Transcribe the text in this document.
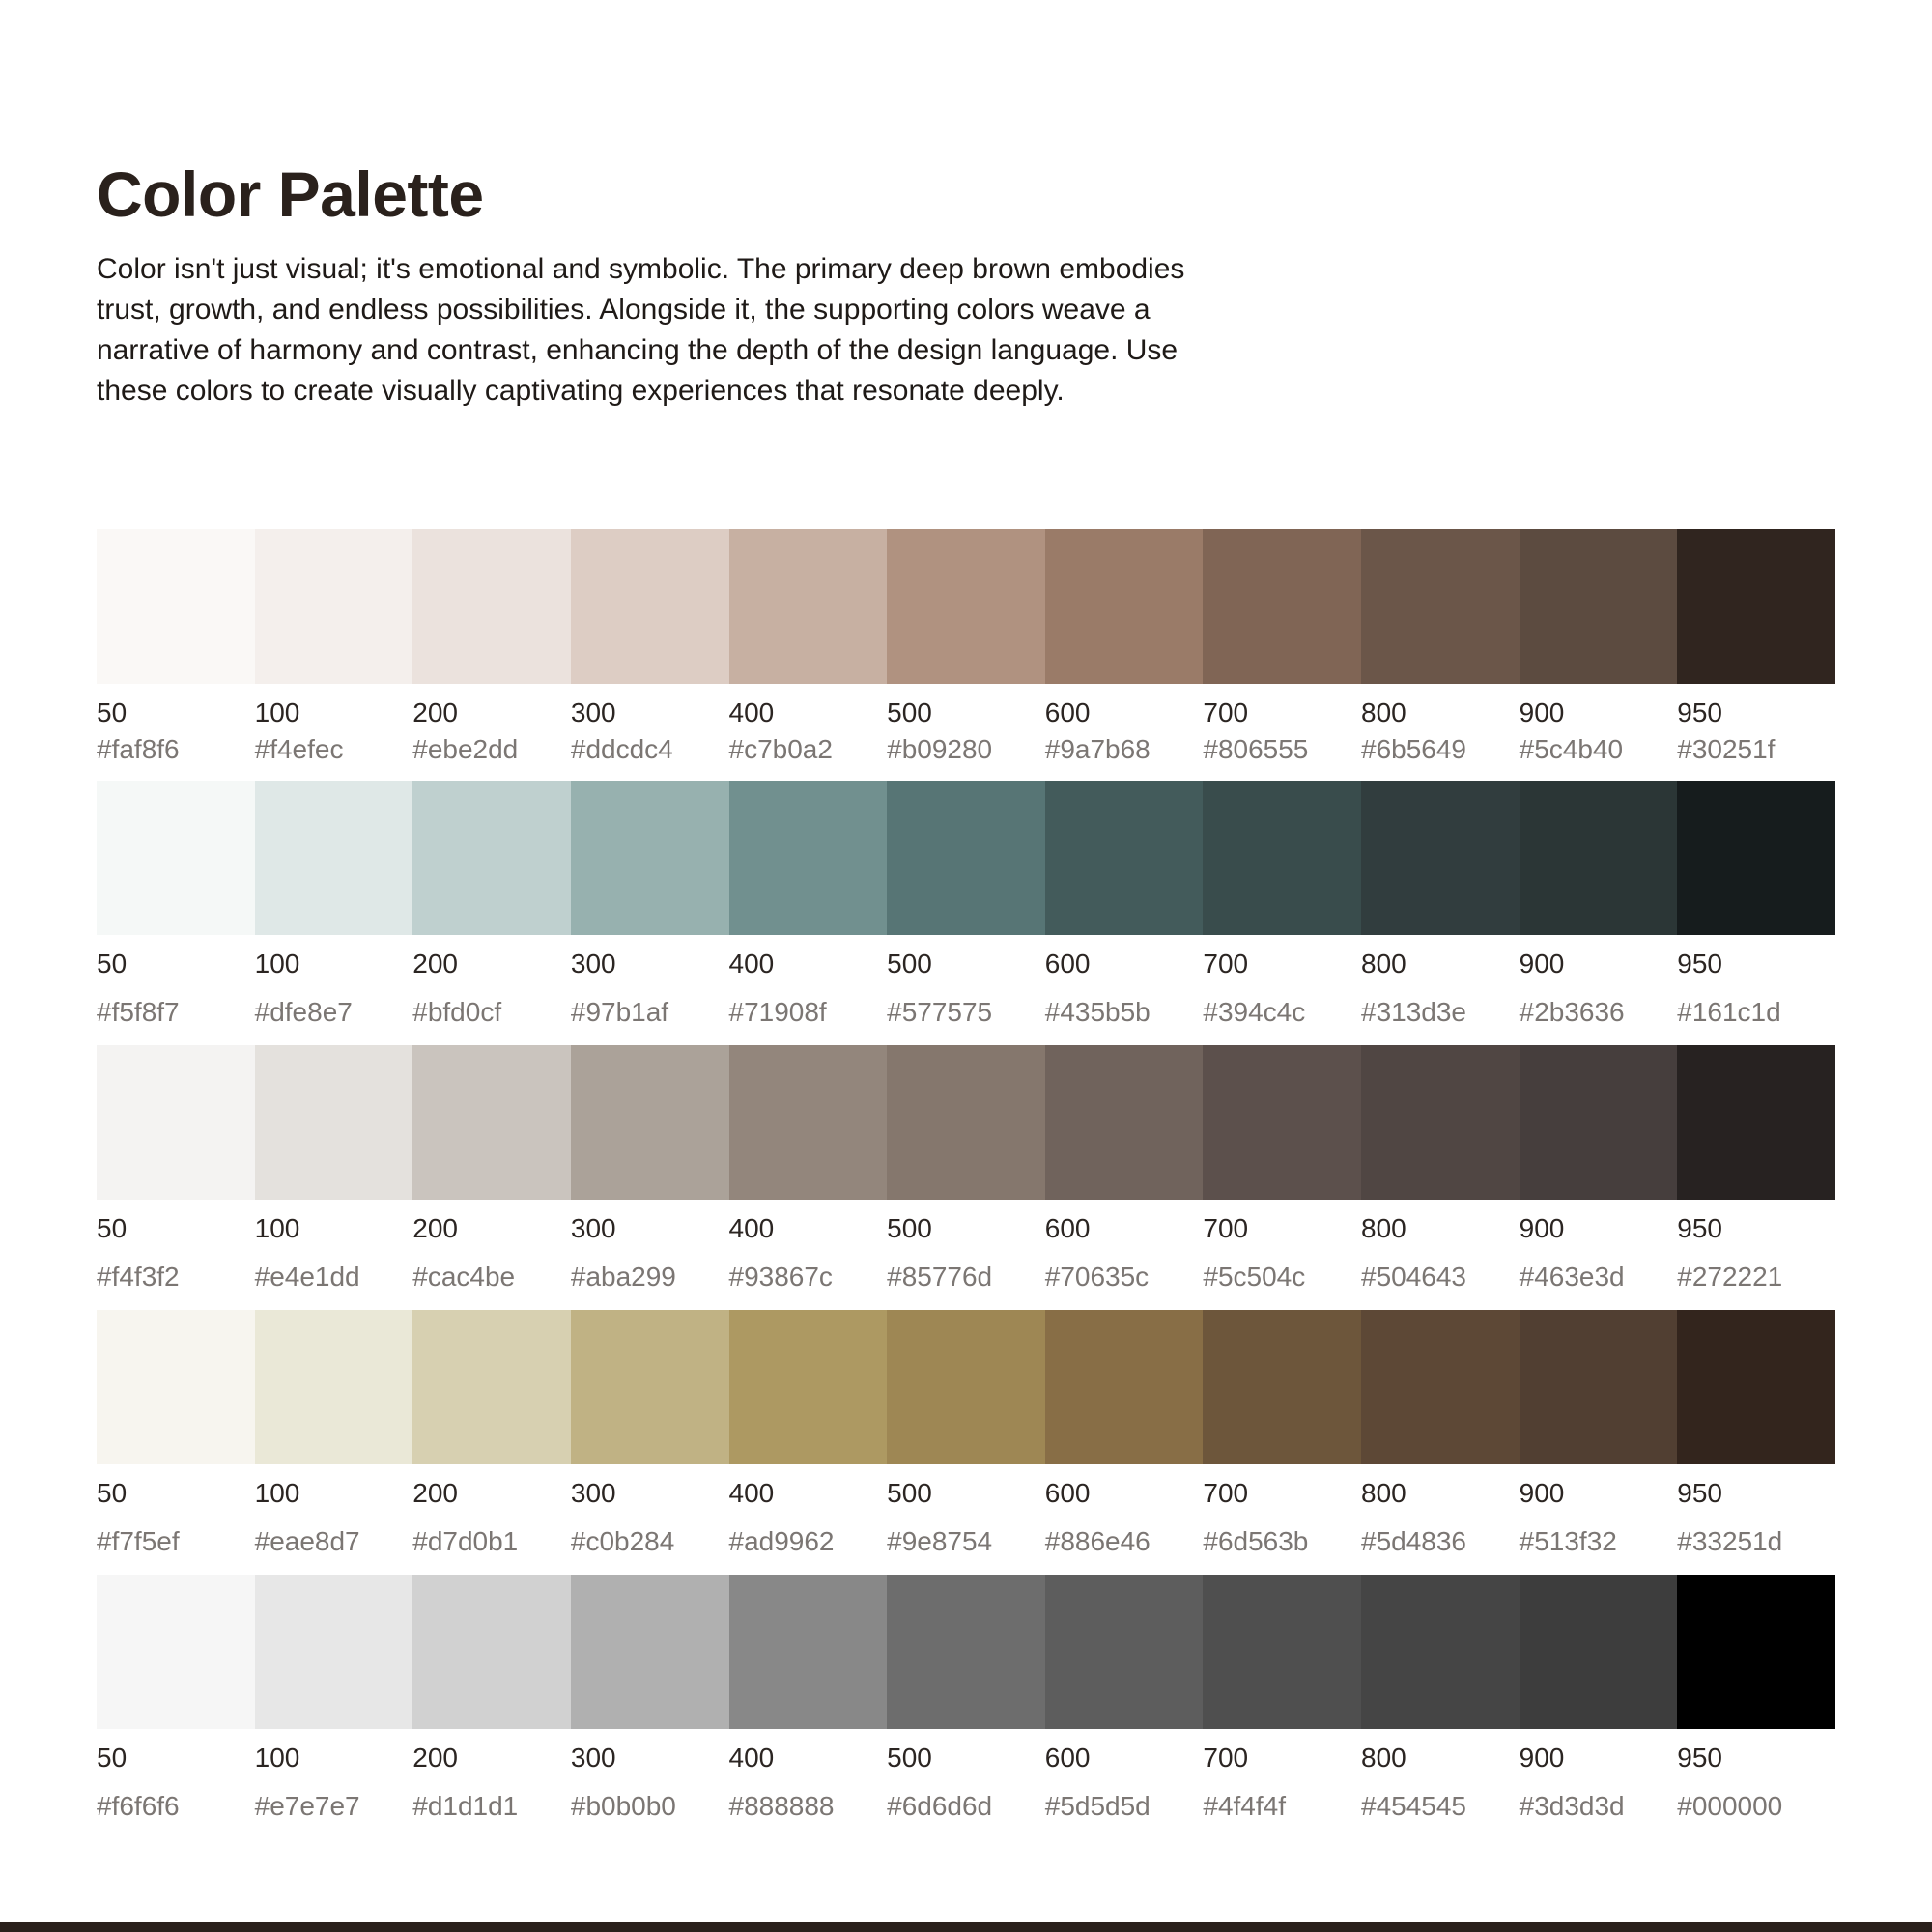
Color Palette

Color isn't just visual; it's emotional and symbolic. The primary deep brown embodies trust, growth, and endless possibilities. Alongside it, the supporting colors weave a narrative of harmony and contrast, enhancing the depth of the design language. Use these colors to create visually captivating experiences that resonate deeply.

50
#faf8f6
100
#f4efec
200
#ebe2dd
300
#ddcdc4
400
#c7b0a2
500
#b09280
600
#9a7b68
700
#806555
800
#6b5649
900
#5c4b40
950
#30251f
50
#f5f8f7
100
#dfe8e7
200
#bfd0cf
300
#97b1af
400
#71908f
500
#577575
600
#435b5b
700
#394c4c
800
#313d3e
900
#2b3636
950
#161c1d
50
#f4f3f2
100
#e4e1dd
200
#cac4be
300
#aba299
400
#93867c
500
#85776d
600
#70635c
700
#5c504c
800
#504643
900
#463e3d
950
#272221
50
#f7f5ef
100
#eae8d7
200
#d7d0b1
300
#c0b284
400
#ad9962
500
#9e8754
600
#886e46
700
#6d563b
800
#5d4836
900
#513f32
950
#33251d
50
#f6f6f6
100
#e7e7e7
200
#d1d1d1
300
#b0b0b0
400
#888888
500
#6d6d6d
600
#5d5d5d
700
#4f4f4f
800
#454545
900
#3d3d3d
950
#000000
